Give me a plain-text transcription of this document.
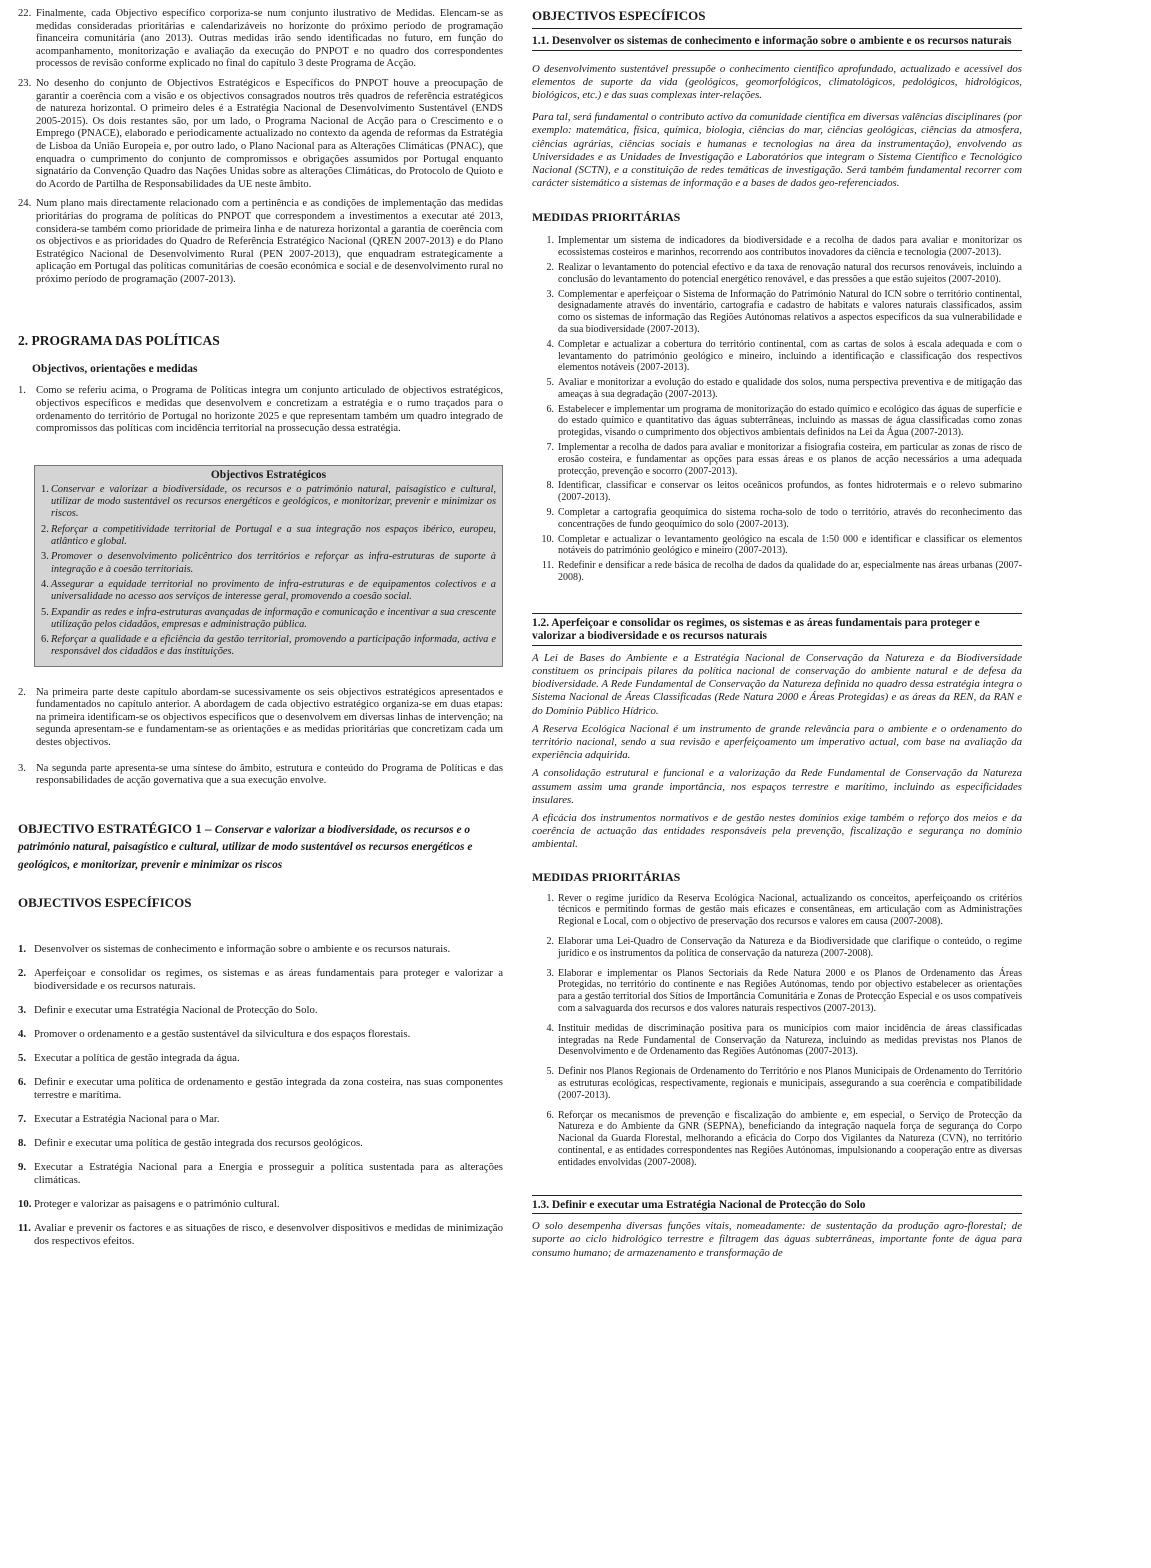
22. Finalmente, cada Objectivo específico corporiza-se num conjunto ilustrativo de Medidas. Elencam-se as medidas consideradas prioritárias e calendarizáveis no horizonte do próximo período de programação financeira comunitária (ano 2013). Outras medidas irão sendo identificadas no futuro, em função do acompanhamento, monitorização e avaliação da execução do PNPOT e no quadro dos correspondentes processos de revisão conforme explicado no final do capítulo 3 deste Programa de Acção.
23. No desenho do conjunto de Objectivos Estratégicos e Específicos do PNPOT houve a preocupação de garantir a coerência com a visão e os objectivos consagrados noutros três quadros de referência estratégicos de natureza horizontal. O primeiro deles é a Estratégia Nacional de Desenvolvimento Sustentável (ENDS 2005-2015). Os dois restantes são, por um lado, o Programa Nacional de Acção para o Crescimento e o Emprego (PNACE), elaborado e periodicamente actualizado no contexto da agenda de reformas da Estratégia de Lisboa da União Europeia e, por outro lado, o Plano Nacional para as Alterações Climáticas (PNAC), que enquadra o cumprimento do conjunto de compromissos e obrigações assumidos por Portugal enquanto signatário da Convenção Quadro das Nações Unidas sobre as alterações Climáticas, do Protocolo de Quioto e do Acordo de Partilha de Responsabilidades da UE neste âmbito.
24. Num plano mais directamente relacionado com a pertinência e as condições de implementação das medidas prioritárias do programa de políticas do PNPOT que correspondem a investimentos a executar até 2013, considera-se também como prioridade de primeira linha e de natureza horizontal a garantia de coerência com os objectivos e as prioridades do Quadro de Referência Estratégico Nacional (QREN 2007-2013) e do Plano Estratégico Nacional de Desenvolvimento Rural (PEN 2007-2013), que enquadram estrategicamente a aplicação em Portugal das políticas comunitárias de coesão económica e social e de desenvolvimento rural no próximo período de programação (2007-2013).
2. PROGRAMA DAS POLÍTICAS
Objectivos, orientações e medidas
1. Como se referiu acima, o Programa de Políticas integra um conjunto articulado de objectivos estratégicos, objectivos específicos e medidas que desenvolvem e concretizam a estratégia e o rumo traçados para o ordenamento do território de Portugal no horizonte 2025 e que representam também um quadro integrado de compromissos das políticas com incidência territorial na prossecução dessa estratégia.
Objectivos Estratégicos
1. Conservar e valorizar a biodiversidade, os recursos e o património natural, paisagístico e cultural, utilizar de modo sustentável os recursos energéticos e geológicos, e monitorizar, prevenir e minimizar os riscos.
2. Reforçar a competitividade territorial de Portugal e a sua integração nos espaços ibérico, europeu, atlântico e global.
3. Promover o desenvolvimento policêntrico dos territórios e reforçar as infra-estruturas de suporte à integração e à coesão territoriais.
4. Assegurar a equidade territorial no provimento de infra-estruturas e de equipamentos colectivos e a universalidade no acesso aos serviços de interesse geral, promovendo a coesão social.
5. Expandir as redes e infra-estruturas avançadas de informação e comunicação e incentivar a sua crescente utilização pelos cidadãos, empresas e administração pública.
6. Reforçar a qualidade e a eficiência da gestão territorial, promovendo a participação informada, activa e responsável dos cidadãos e das instituições.
2. Na primeira parte deste capítulo abordam-se sucessivamente os seis objectivos estratégicos apresentados e fundamentados no capítulo anterior. A abordagem de cada objectivo estratégico organiza-se em duas etapas: na primeira identificam-se os objectivos específicos que o desenvolvem em diversas linhas de intervenção; na segunda apresentam-se e fundamentam-se as orientações e as medidas prioritárias que concretizam cada um destes objectivos.
3. Na segunda parte apresenta-se uma síntese do âmbito, estrutura e conteúdo do Programa de Políticas e das responsabilidades de acção governativa que a sua execução envolve.
OBJECTIVO ESTRATÉGICO 1 – Conservar e valorizar a biodiversidade, os recursos e o património natural, paisagístico e cultural, utilizar de modo sustentável os recursos energéticos e geológicos, e monitorizar, prevenir e minimizar os riscos
OBJECTIVOS ESPECÍFICOS
1. Desenvolver os sistemas de conhecimento e informação sobre o ambiente e os recursos naturais.
2. Aperfeiçoar e consolidar os regimes, os sistemas e as áreas fundamentais para proteger e valorizar a biodiversidade e os recursos naturais.
3. Definir e executar uma Estratégia Nacional de Protecção do Solo.
4. Promover o ordenamento e a gestão sustentável da silvicultura e dos espaços florestais.
5. Executar a política de gestão integrada da água.
6. Definir e executar uma política de ordenamento e gestão integrada da zona costeira, nas suas componentes terrestre e marítima.
7. Executar a Estratégia Nacional para o Mar.
8. Definir e executar uma política de gestão integrada dos recursos geológicos.
9. Executar a Estratégia Nacional para a Energia e prosseguir a política sustentada para as alterações climáticas.
10. Proteger e valorizar as paisagens e o património cultural.
11. Avaliar e prevenir os factores e as situações de risco, e desenvolver dispositivos e medidas de minimização dos respectivos efeitos.
OBJECTIVOS ESPECÍFICOS
1.1. Desenvolver os sistemas de conhecimento e informação sobre o ambiente e os recursos naturais

O desenvolvimento sustentável pressupõe o conhecimento científico aprofundado, actualizado e acessível dos elementos de suporte da vida (geológicos, geomorfológicos, climatológicos, pedológicos, hidrológicos, biológicos, etc.) e das suas complexas inter-relações.

Para tal, será fundamental o contributo activo da comunidade científica em diversas valências disciplinares (por exemplo: matemática, física, química, biologia, ciências do mar, ciências geológicas, ciências da atmosfera, ciências agrárias, ciências sociais e humanas e tecnologias na área da instrumentação), envolvendo as Universidades e as Unidades de Investigação e Laboratórios que integram o Sistema Científico e Tecnológico Nacional (SCTN), e a constituição de redes temáticas de investigação. Será também fundamental recorrer com carácter sistemático a sistemas de informação e a bases de dados geo-referenciados.

MEDIDAS PRIORITÁRIAS
1. Implementar um sistema de indicadores da biodiversidade e a recolha de dados para avaliar e monitorizar os ecossistemas costeiros e marinhos, recorrendo aos contributos inovadores da ciência e tecnologia (2007-2013).
2. Realizar o levantamento do potencial efectivo e da taxa de renovação natural dos recursos renováveis, incluindo a conclusão do levantamento do potencial energético renovável, e das pressões a que estão sujeitos (2007-2010).
3. Complementar e aperfeiçoar o Sistema de Informação do Património Natural do ICN sobre o território continental, designadamente através do inventário, cartografia e cadastro de habitats e valores naturais classificados, assim como os sistemas de informação das Regiões Autónomas relativos a aspectos específicos da sua vulnerabilidade e da sua biodiversidade (2007-2013).
4. Completar e actualizar a cobertura do território continental, com as cartas de solos à escala adequada e com o levantamento do património geológico e mineiro, incluindo a identificação e classificação dos respectivos elementos notáveis (2007-2013).
5. Avaliar e monitorizar a evolução do estado e qualidade dos solos, numa perspectiva preventiva e de mitigação das ameaças à sua degradação (2007-2013).
6. Estabelecer e implementar um programa de monitorização do estado químico e ecológico das águas de superfície e do estado químico e quantitativo das águas subterrâneas, incluindo as massas de água classificadas como zonas protegidas, visando o cumprimento dos objectivos ambientais definidos na Lei da Água (2007-2013).
7. Implementar a recolha de dados para avaliar e monitorizar a fisiografia costeira, em particular as zonas de risco de erosão costeira, e fundamentar as opções para essas áreas e os planos de acção necessários a uma adequada protecção, prevenção e socorro (2007-2013).
8. Identificar, classificar e conservar os leitos oceânicos profundos, as fontes hidrotermais e o relevo submarino (2007-2013).
9. Completar a cartografia geoquímica do sistema rocha-solo de todo o território, através do reconhecimento das concentrações de fundo geoquímico do solo (2007-2013).
10. Completar e actualizar o levantamento geológico na escala de 1:50 000 e identificar e classificar os elementos notáveis do património geológico e mineiro (2007-2013).
11. Redefinir e densificar a rede básica de recolha de dados da qualidade do ar, especialmente nas áreas urbanas (2007-2008).
1.2. Aperfeiçoar e consolidar os regimes, os sistemas e as áreas fundamentais para proteger e valorizar a biodiversidade e os recursos naturais

A Lei de Bases do Ambiente e a Estratégia Nacional de Conservação da Natureza e da Biodiversidade constituem os principais pilares da política nacional de conservação do ambiente natural e de defesa da biodiversidade. A Rede Fundamental de Conservação da Natureza definida no quadro dessa estratégia integra o Sistema Nacional de Áreas Classificadas (Rede Natura 2000 e Áreas Protegidas) e as áreas da REN, da RAN e do Domínio Público Hídrico.

A Reserva Ecológica Nacional é um instrumento de grande relevância para o ambiente e o ordenamento do território nacional, sendo a sua revisão e aperfeiçoamento um imperativo actual, com base na avaliação da experiência adquirida.

A consolidação estrutural e funcional e a valorização da Rede Fundamental de Conservação da Natureza assumem assim uma grande importância, nos espaços terrestre e marítimo, incluindo as especificidades insulares.

A eficácia dos instrumentos normativos e de gestão nestes domínios exige também o reforço dos meios e da coerência de actuação das entidades responsáveis pela prevenção, fiscalização e segurança no domínio ambiental.

MEDIDAS PRIORITÁRIAS
1. Rever o regime jurídico da Reserva Ecológica Nacional, actualizando os conceitos, aperfeiçoando os critérios técnicos e permitindo formas de gestão mais eficazes e consentâneas, em articulação com as Administrações Regional e Local, com o objectivo de preservação dos recursos e valores em causa (2007-2008).
2. Elaborar uma Lei-Quadro de Conservação da Natureza e da Biodiversidade que clarifique o conteúdo, o regime jurídico e os instrumentos da política de conservação da natureza (2007-2008).
3. Elaborar e implementar os Planos Sectoriais da Rede Natura 2000 e os Planos de Ordenamento das Áreas Protegidas, no território do continente e nas Regiões Autónomas, tendo por objectivo estabelecer as orientações para a gestão territorial dos Sítios de Importância Comunitária e Zonas de Protecção Especial e os usos compatíveis com a salvaguarda dos recursos e dos valores naturais respectivos (2007-2013).
4. Instituir medidas de discriminação positiva para os municípios com maior incidência de áreas classificadas integradas na Rede Fundamental de Conservação da Natureza, incluindo as medidas previstas nos Planos de Desenvolvimento e de Ordenamento das Regiões Autónomas (2007-2013).
5. Definir nos Planos Regionais de Ordenamento do Território e nos Planos Municipais de Ordenamento do Território as estruturas ecológicas, respectivamente, regionais e municipais, assegurando a sua coerência e compatibilidade (2007-2013).
6. Reforçar os mecanismos de prevenção e fiscalização do ambiente e, em especial, o Serviço de Protecção da Natureza e do Ambiente da GNR (SEPNA), beneficiando da integração naquela força de segurança do Corpo Nacional da Guarda Florestal, melhorando a eficácia do Corpo dos Vigilantes da Natureza (CVN), no território continental, e as entidades correspondentes nas Regiões Autónomas, impulsionando a cooperação entre as diversas entidades envolvidas (2007-2008).
1.3. Definir e executar uma Estratégia Nacional de Protecção do Solo

O solo desempenha diversas funções vitais, nomeadamente: de sustentação da produção agro-florestal; de suporte ao ciclo hidrológico terrestre e filtragem das águas subterrâneas, importante fonte de água para consumo humano; de armazenamento e transformação de
